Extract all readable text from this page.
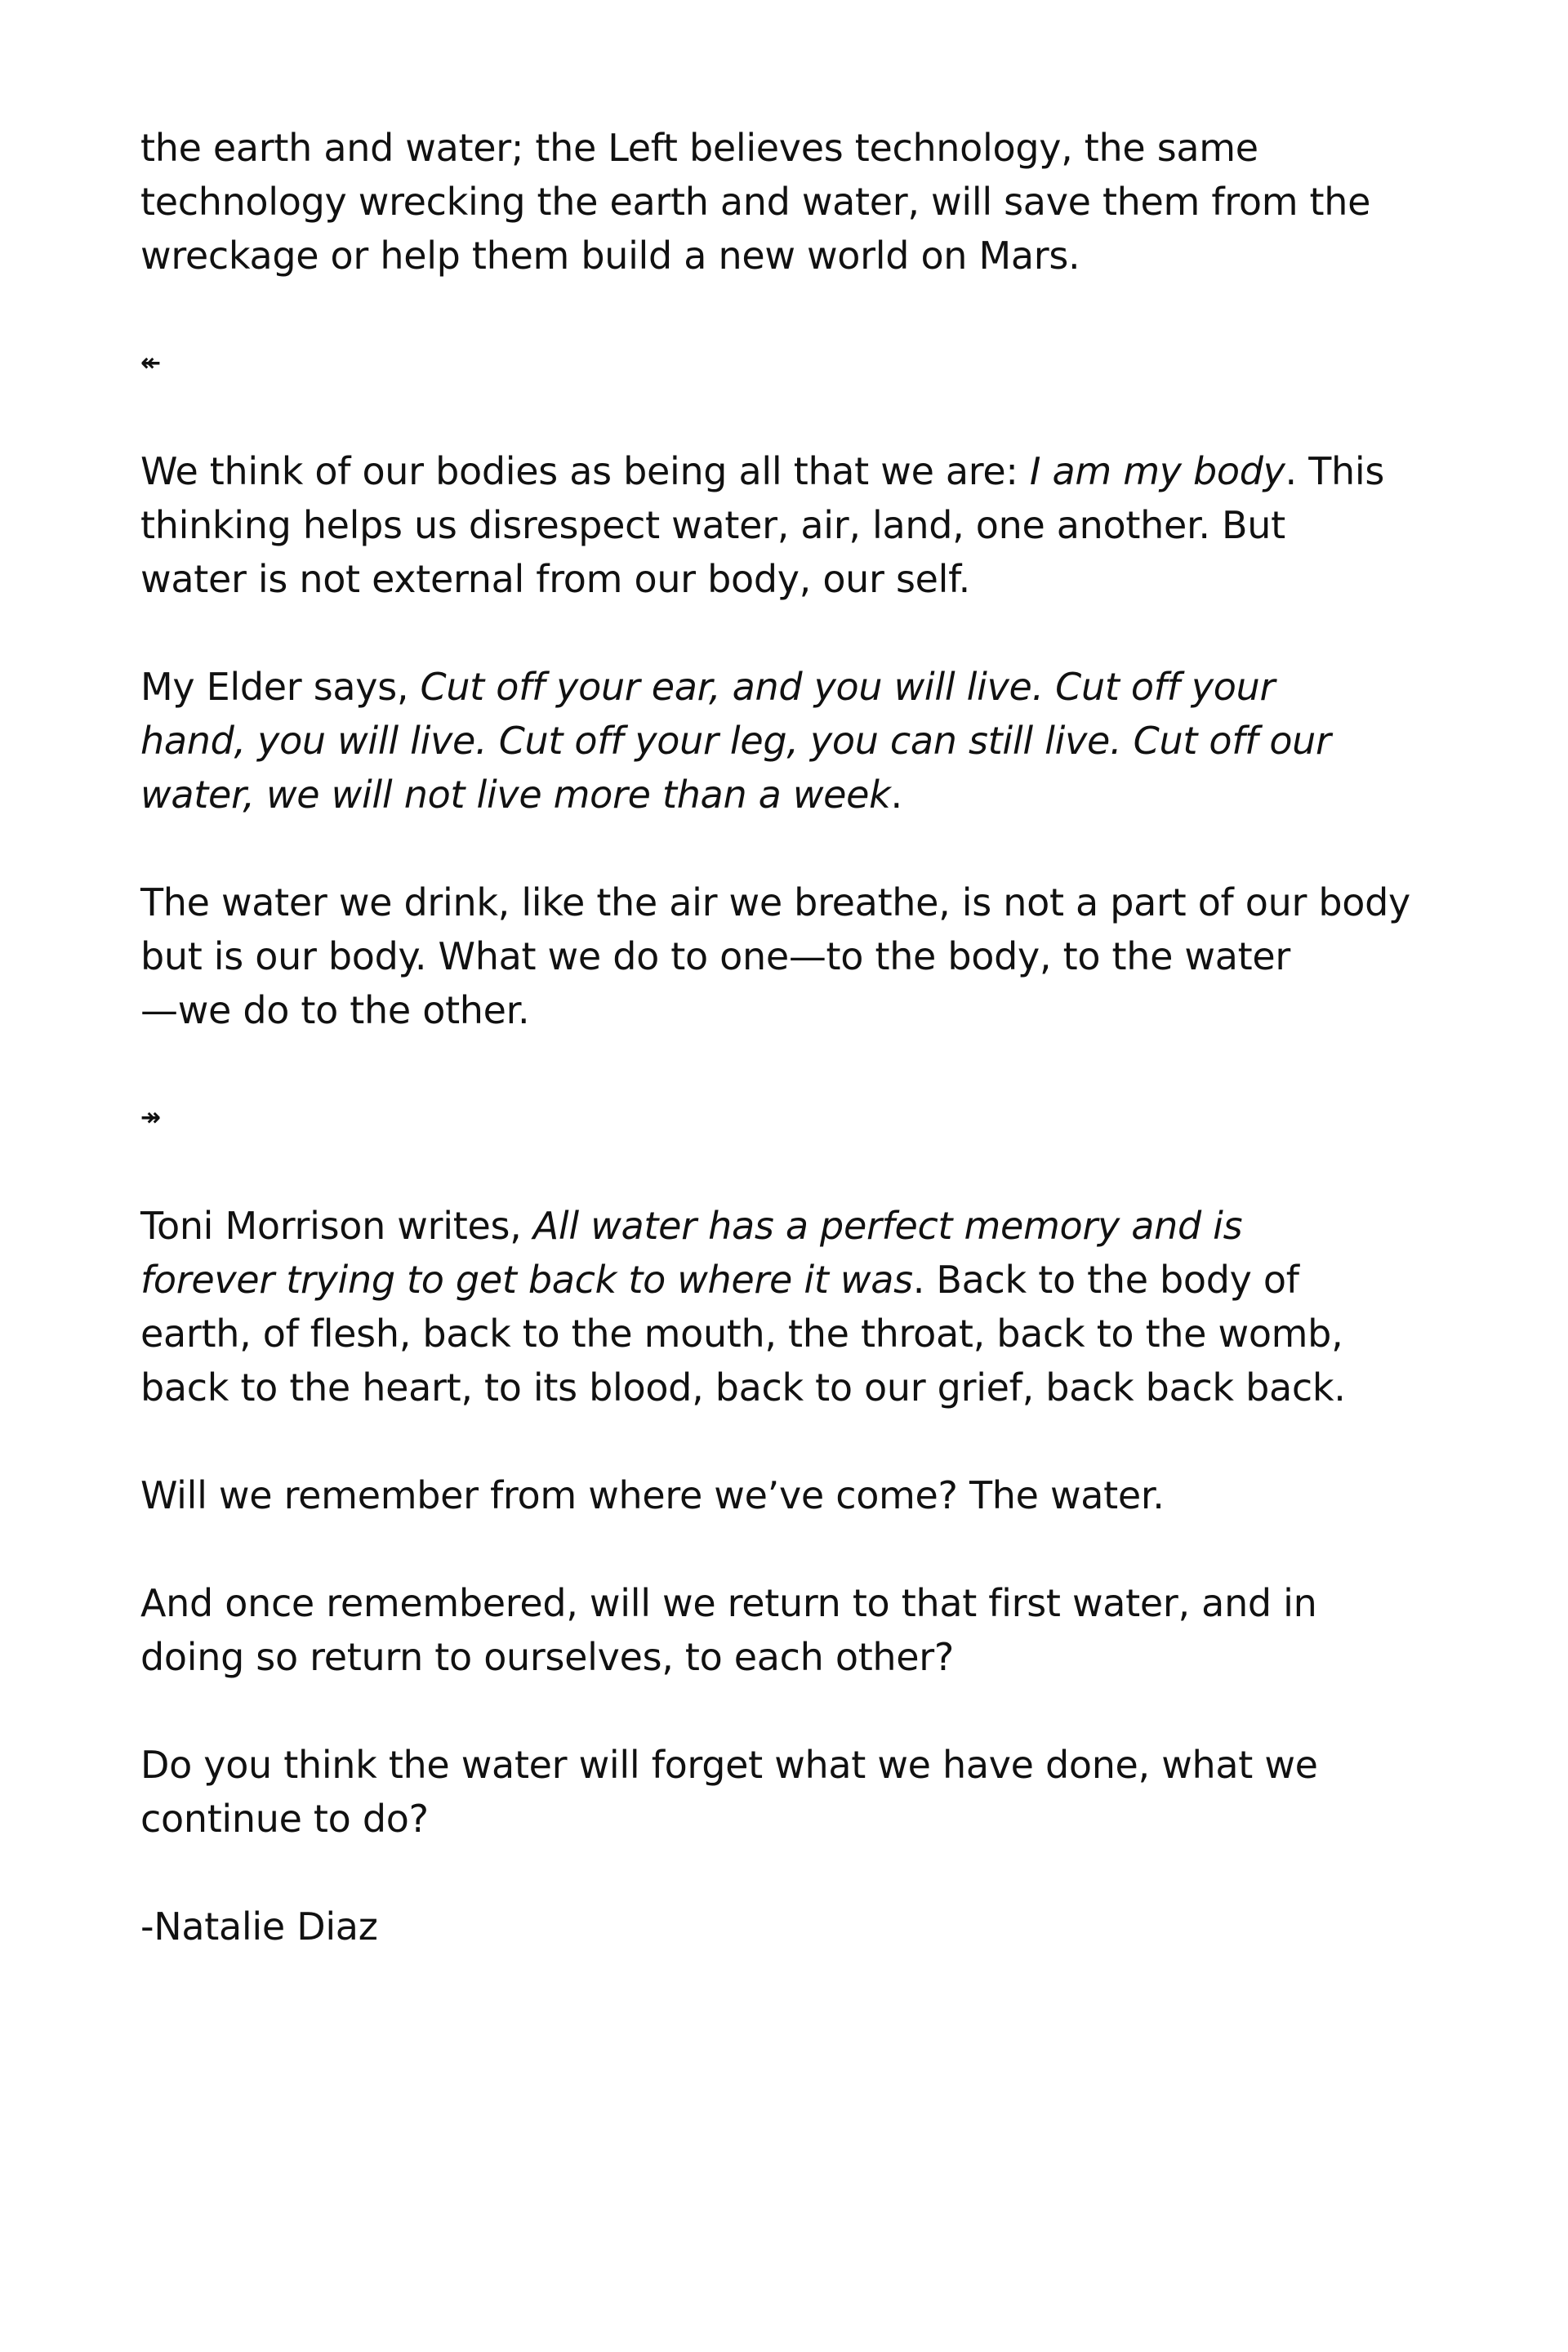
the earth and water; the Left believes technology, the same
technology wrecking the earth and water, will save them from the
wreckage or help them build a new world on Mars.

↞

We think of our bodies as being all that we are: I am my body. This
thinking helps us disrespect water, air, land, one another. But
water is not external from our body, our self.

My Elder says, Cut off your ear, and you will live. Cut off your
hand, you will live. Cut off your leg, you can still live. Cut off our
water, we will not live more than a week.

The water we drink, like the air we breathe, is not a part of our body
but is our body. What we do to one—to the body, to the water
—we do to the other.

↠

Toni Morrison writes, All water has a perfect memory and is
forever trying to get back to where it was. Back to the body of
earth, of flesh, back to the mouth, the throat, back to the womb,
back to the heart, to its blood, back to our grief, back back back.

Will we remember from where we’ve come? The water.

And once remembered, will we return to that first water, and in
doing so return to ourselves, to each other?

Do you think the water will forget what we have done, what we
continue to do?

-Natalie Diaz
